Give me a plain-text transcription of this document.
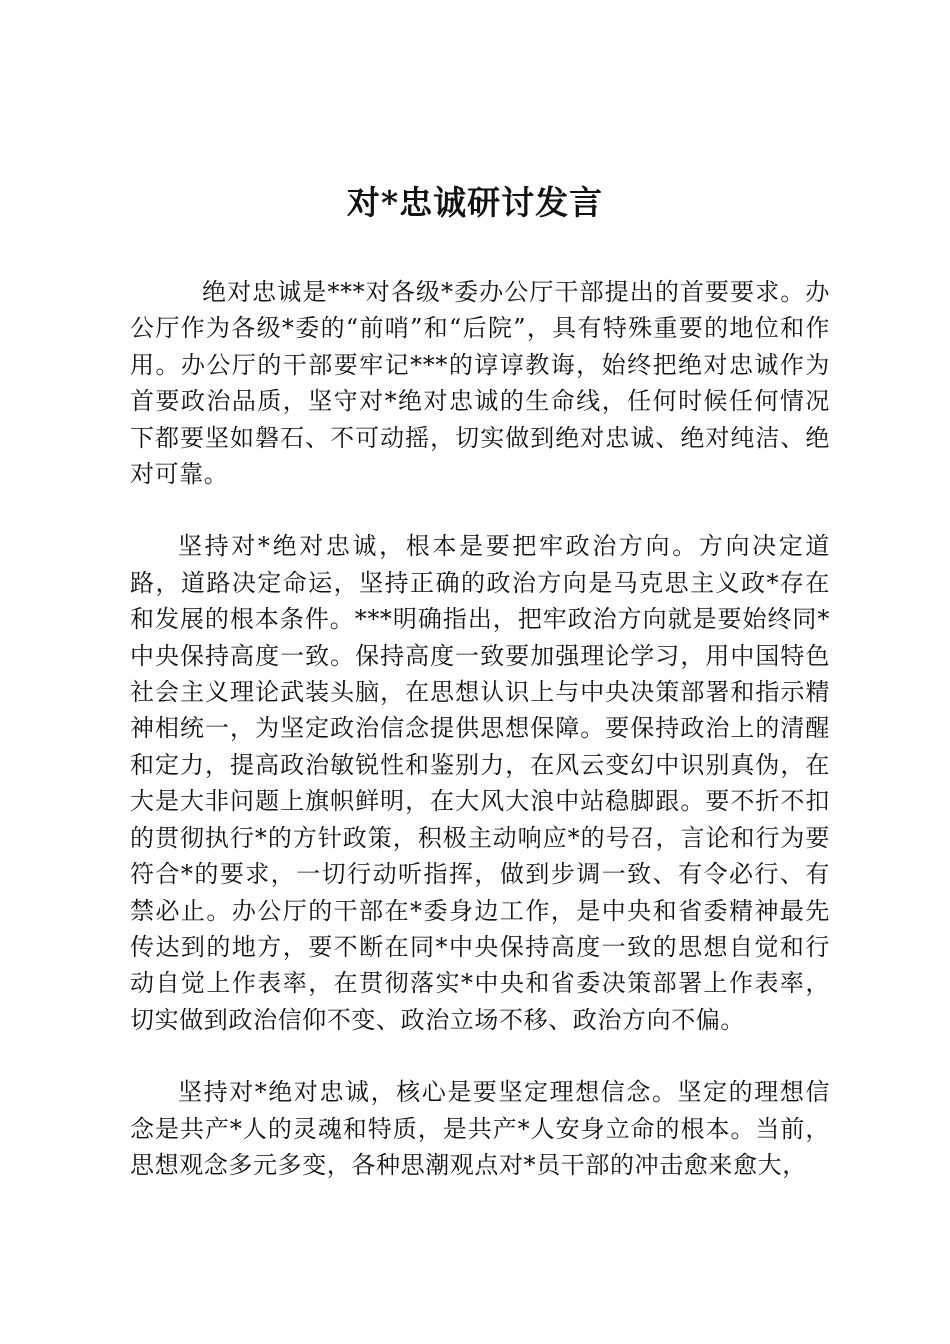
对*忠诚研讨发言

绝对忠诚是***对各级*委办公厅干部提出的首要要求。办公厅作为各级*委的“前哨”和“后院”，具有特殊重要的地位和作用。办公厅的干部要牢记***的谆谆教诲，始终把绝对忠诚作为首要政治品质，坚守对*绝对忠诚的生命线，任何时候任何情况下都要坚如磐石、不可动摇，切实做到绝对忠诚、绝对纯洁、绝对可靠。

坚持对*绝对忠诚，根本是要把牢政治方向。方向决定道路，道路决定命运，坚持正确的政治方向是马克思主义政*存在和发展的根本条件。***明确指出，把牢政治方向就是要始终同*中央保持高度一致。保持高度一致要加强理论学习，用中国特色社会主义理论武装头脑，在思想认识上与中央决策部署和指示精神相统一，为坚定政治信念提供思想保障。要保持政治上的清醒和定力，提高政治敏锐性和鉴别力，在风云变幻中识别真伪，在大是大非问题上旗帜鲜明，在大风大浪中站稳脚跟。要不折不扣的贯彻执行*的方针政策，积极主动响应*的号召，言论和行为要符合*的要求，一切行动听指挥，做到步调一致、有令必行、有禁必止。办公厅的干部在*委身边工作，是中央和省委精神最先传达到的地方，要不断在同*中央保持高度一致的思想自觉和行动自觉上作表率，在贯彻落实*中央和省委决策部署上作表率，切实做到政治信仰不变、政治立场不移、政治方向不偏。

坚持对*绝对忠诚，核心是要坚定理想信念。坚定的理想信念是共产*人的灵魂和特质，是共产*人安身立命的根本。当前，思想观念多元多变，各种思潮观点对*员干部的冲击愈来愈大，
